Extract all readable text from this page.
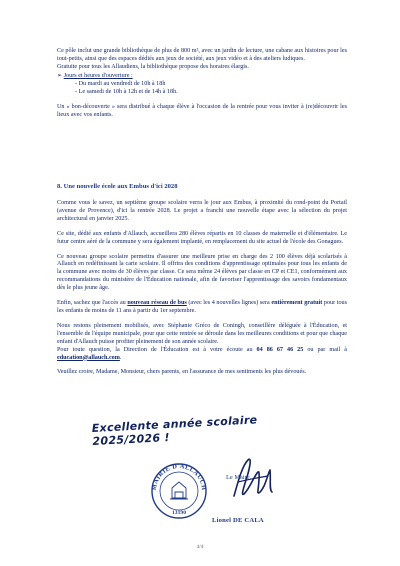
Ce pôle inclut une grande bibliothèque de plus de 800 m², avec un jardin de lecture, une cabane aux histoires pour les tout-petits, ainsi que des espaces dédiés aux jeux de société, aux jeux vidéo et à des ateliers ludiques.
Gratuite pour tous les Allaudiens, la bibliothèque propose des horaires élargis.
➢ Jours et heures d'ouverture :
- Du mardi au vendredi de 10h à 18h
- Le samedi de 10h à 12h et de 14h à 18h.
Un « bon-découverte » sera distribué à chaque élève à l'occasion de la rentrée pour vous inviter à (re)découvrir les lieux avec vos enfants.
8. Une nouvelle école aux Embus d'ici 2028
Comme vous le savez, un septième groupe scolaire verra le jour aux Embus, à proximité du rond-point du Portail (avenue de Provence), d'ici la rentrée 2028. Le projet a franchi une nouvelle étape avec la sélection du projet architectural en janvier 2025.
Ce site, dédié aux enfants d'Allauch, accueillera 280 élèves répartis en 10 classes de maternelle et d'élémentaire. Le futur centre aéré de la commune y sera également implanté, en remplacement du site actuel de l'école des Gonagues.
Ce nouveau groupe scolaire permettra d'assurer une meilleure prise en charge des 2 100 élèves déjà scolarisés à Allauch en redéfinissant la carte scolaire. Il offrira des conditions d'apprentissage optimales pour tous les enfants de la commune avec moins de 30 élèves par classe. Ce sera même 24 élèves par classe en CP et CE1, conformément aux recommandations du ministère de l'Éducation nationale, afin de favoriser l'apprentissage des savoirs fondamentaux dès le plus jeune âge.
Enfin, sachez que l'accès au nouveau réseau de bus (avec les 4 nouvelles lignes) sera entièrement gratuit pour tous les enfants de moins de 11 ans à partir du 1er septembre.
Nous restons pleinement mobilisés, avec Stéphanie Gréco de Coningh, conseillère déléguée à l'Éducation, et l'ensemble de l'équipe municipale, pour que cette rentrée se déroule dans les meilleures conditions et pour que chaque enfant d'Allauch puisse profiter pleinement de son année scolaire.
Pour toute question, la Direction de l'Éducation est à votre écoute au 04 86 67 46 25 ou par mail à education@allauch.com.
Veuillez croire, Madame, Monsieur, chers parents, en l'assurance de mes sentiments les plus dévoués.
Excellente année scolaire 2025/2026 !
MAIRIE D'ALLAUCH
13190
Le Maire,
Lionel DE CALA
4/4
